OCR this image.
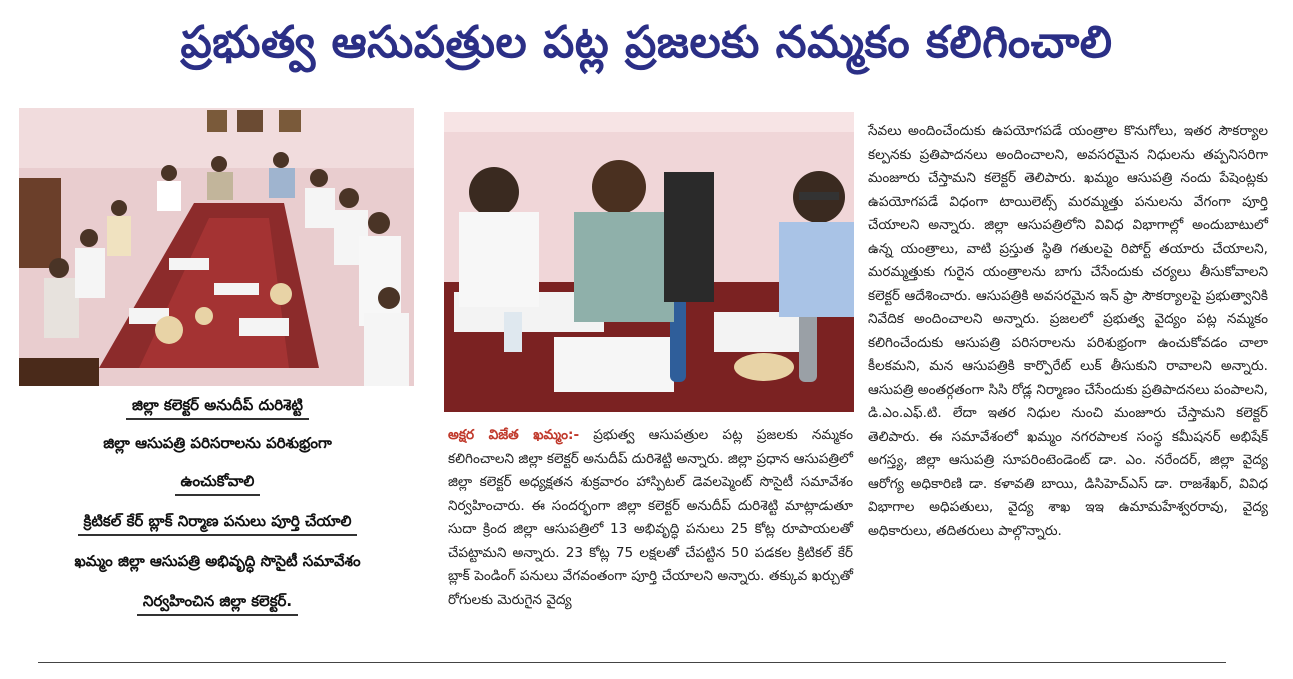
ప్రభుత్వ ఆసుపత్రుల పట్ల ప్రజలకు నమ్మకం కలిగించాలి
జిల్లా కలెక్టర్ అనుదీప్ దురిశెట్టి
జిల్లా ఆసుపత్రి పరిసరాలను పరిశుభ్రంగా
ఉంచుకోవాలి
క్రిటికల్ కేర్ బ్లాక్ నిర్మాణ పనులు పూర్తి చేయాలి
ఖమ్మం జిల్లా ఆసుపత్రి అభివృద్ధి సొసైటీ సమావేశం
నిర్వహించిన జిల్లా కలెక్టర్.

అక్షర విజేత ఖమ్మం:- ప్రభుత్వ ఆసుపత్రుల పట్ల ప్రజలకు నమ్మకం కలిగించాలని జిల్లా కలెక్టర్ అనుదీప్ దురిశెట్టి అన్నారు. జిల్లా ప్రధాన ఆసుపత్రిలో జిల్లా కలెక్టర్ అధ్యక్షతన శుక్రవారం హాస్పిటల్ డెవలప్మెంట్ సొసైటీ సమావేశం నిర్వహించారు. ఈ సందర్భంగా జిల్లా కలెక్టర్ అనుదీప్ దురిశెట్టి మాట్లాడుతూ సుదా క్రింద జిల్లా ఆసుపత్రిలో 13 అభివృద్ధి పనులు 25 కోట్ల రూపాయలతో చేపట్టామని అన్నారు. 23 కోట్ల 75 లక్షలతో చేపట్టిన 50 పడకల క్రిటికల్ కేర్ బ్లాక్ పెండింగ్ పనులు వేగవంతంగా పూర్తి చేయాలని అన్నారు. తక్కువ ఖర్చుతో రోగులకు మెరుగైన వైద్య

సేవలు అందించేందుకు ఉపయోగపడే యంత్రాల కొనుగోలు, ఇతర సౌకర్యాల కల్పనకు ప్రతిపాదనలు అందించాలని, అవసరమైన నిధులను తప్పనిసరిగా మంజూరు చేస్తామని కలెక్టర్ తెలిపారు. ఖమ్మం ఆసుపత్రి నందు పేషెంట్లకు ఉపయోగపడే విధంగా టాయిలెట్స్ మరమ్మత్తు పనులను వేగంగా పూర్తి చేయాలని అన్నారు. జిల్లా ఆసుపత్రిలోని వివిధ విభాగాల్లో అందుబాటులో ఉన్న యంత్రాలు, వాటి ప్రస్తుత స్థితి గతులపై రిపోర్ట్ తయారు చేయాలని, మరమ్మత్తుకు గురైన యంత్రాలను బాగు చేసేందుకు చర్యలు తీసుకోవాలని కలెక్టర్ ఆదేశించారు. ఆసుపత్రికి అవసరమైన ఇన్ ఫ్రా సౌకర్యాలపై ప్రభుత్వానికి నివేదిక అందించాలని అన్నారు. ప్రజలలో ప్రభుత్వ వైద్యం పట్ల నమ్మకం కలిగించేందుకు ఆసుపత్రి పరిసరాలను పరిశుభ్రంగా ఉంచుకోవడం చాలా కీలకమని, మన ఆసుపత్రికి కార్పొరేట్ లుక్ తీసుకుని రావాలని అన్నారు. ఆసుపత్రి అంతర్గతంగా సిసి రోడ్ల నిర్మాణం చేసేందుకు ప్రతిపాదనలు పంపాలని, డి.ఎం.ఎఫ్.టి. లేదా ఇతర నిధుల నుంచి మంజూరు చేస్తామని కలెక్టర్ తెలిపారు. ఈ సమావేశంలో ఖమ్మం నగరపాలక సంస్థ కమీషనర్ అభిషేక్ అగస్త్య, జిల్లా ఆసుపత్రి సూపరింటెండెంట్ డా. ఎం. నరేందర్, జిల్లా వైద్య ఆరోగ్య అధికారిణి డా. కళావతి బాయి, డిసిహెచ్ఎస్ డా. రాజశేఖర్, వివిధ విభాగాల అధిపతులు, వైద్య శాఖ ఇఇ ఉమామహేశ్వరరావు, వైద్య అధికారులు, తదితరులు పాల్గొన్నారు.
